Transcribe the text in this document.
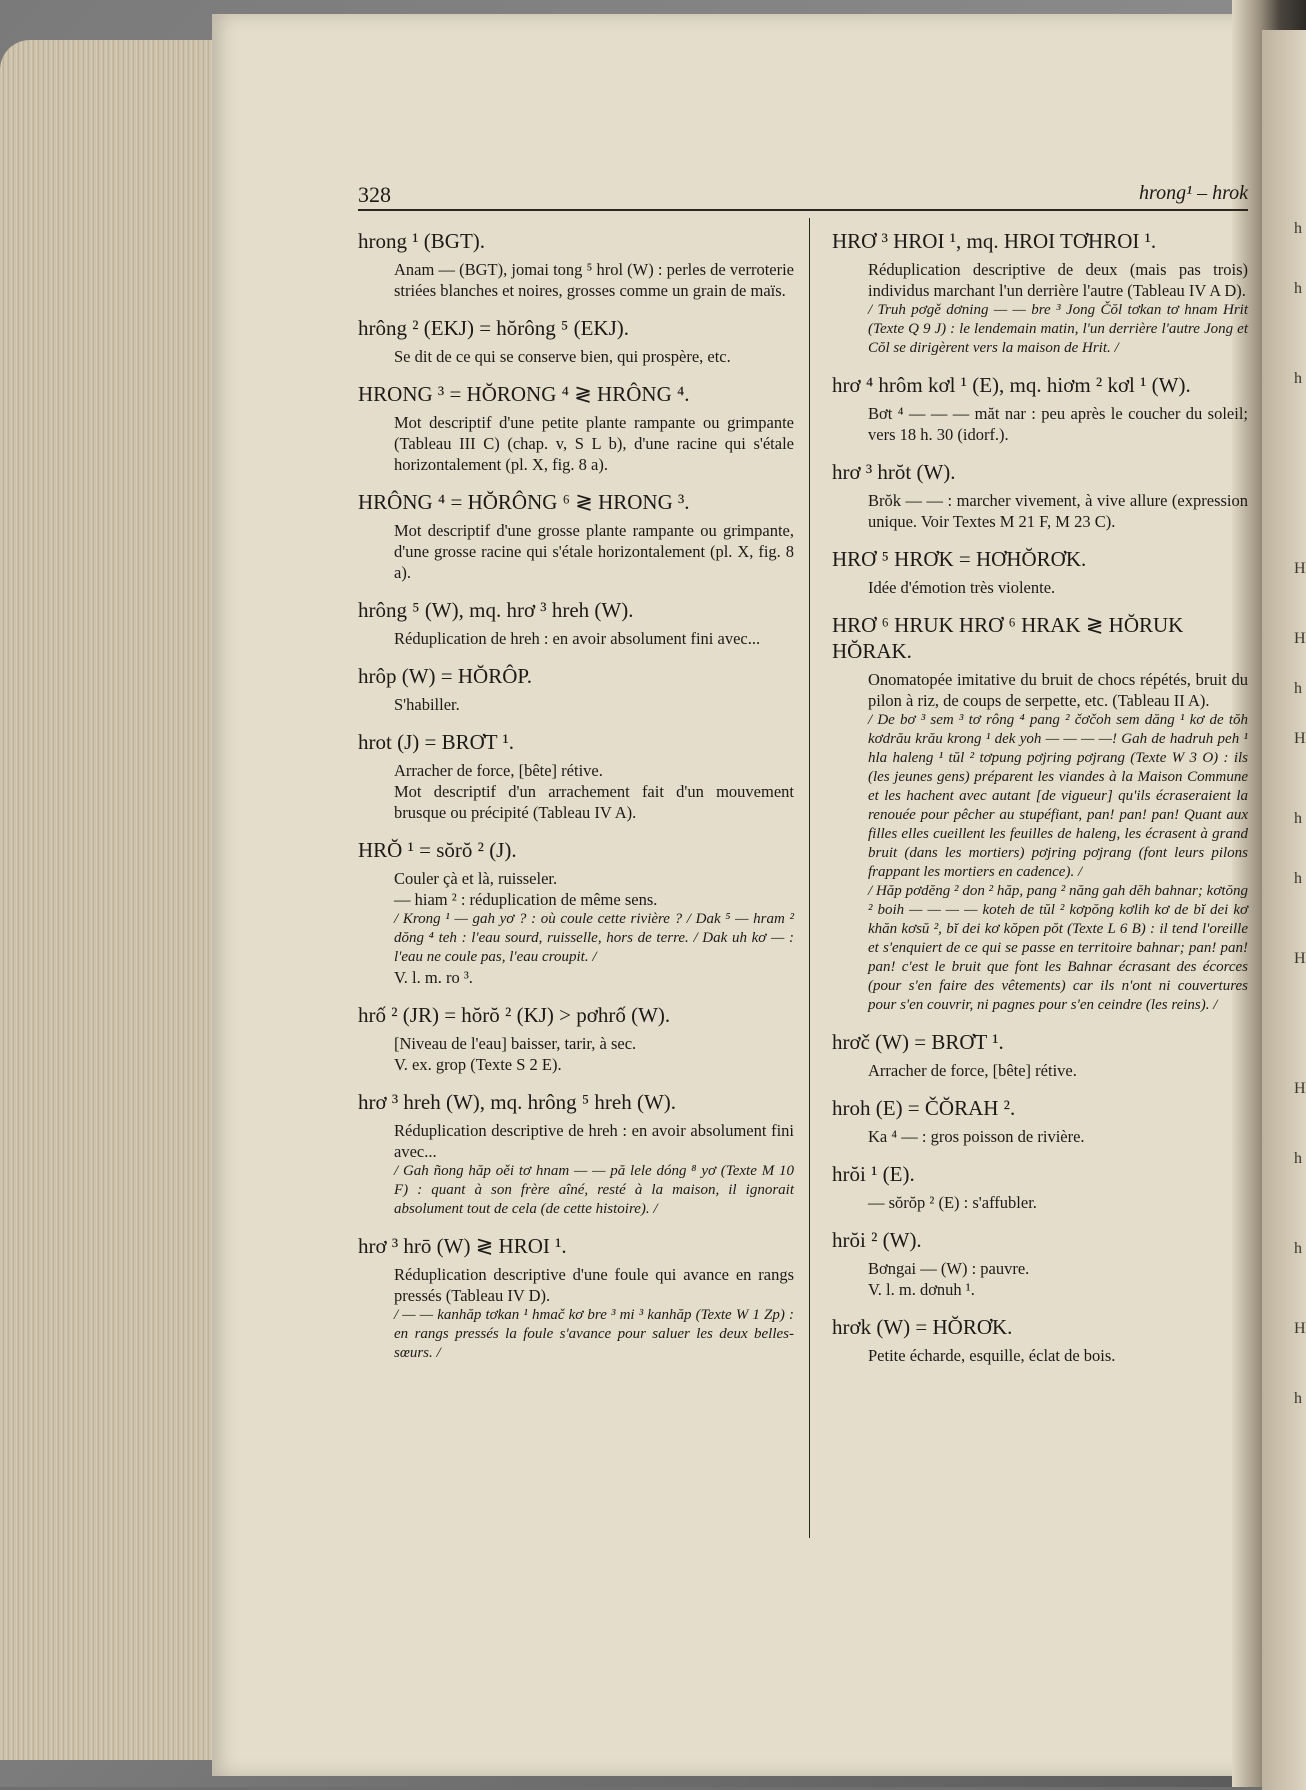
h
h
h
H
H
h
H
h
h
H
H
h
h
H
h
328	hrong¹ – hrok
hrong ¹ (BGT).
Anam — (BGT), jomai tong ⁵ hrol (W) : perles de verroterie striées blanches et noires, grosses comme un grain de maïs.
hrông ² (EKJ) = hŏrông ⁵ (EKJ).
Se dit de ce qui se conserve bien, qui prospère, etc.
HRONG ³ = HŎRONG ⁴ ≷ HRÔNG ⁴.
Mot descriptif d'une petite plante rampante ou grimpante (Tableau III C) (chap. v, S L b), d'une racine qui s'étale horizontalement (pl. X, fig. 8 a).
HRÔNG ⁴ = HŎRÔNG ⁶ ≷ HRONG ³.
Mot descriptif d'une grosse plante rampante ou grimpante, d'une grosse racine qui s'étale horizontalement (pl. X, fig. 8 a).
hrông ⁵ (W), mq. hrơ ³ hreh (W).
Réduplication de hreh : en avoir absolument fini avec...
hrôp (W) = HŎRÔP.
S'habiller.
hrot (J) = BRƠT ¹.
Arracher de force, [bête] rétive.
Mot descriptif d'un arrachement fait d'un mouvement brusque ou précipité (Tableau IV A).
HRŎ ¹ = sŏrŏ ² (J).
Couler çà et là, ruisseler.
— hiam ² : réduplication de même sens.
/ Krong ¹ — gah yơ ? : où coule cette rivière ? / Dak ⁵ — hram ² dŏng ⁴ teh : l'eau sourd, ruisselle, hors de terre. / Dak uh kơ — : l'eau ne coule pas, l'eau croupit. /
V. l. m. ro ³.
hrố ² (JR) = hŏrŏ ² (KJ) > pơhrố (W).
[Niveau de l'eau] baisser, tarir, à sec.
V. ex. grop (Texte S 2 E).
hrơ ³ hreh (W), mq. hrông ⁵ hreh (W).
Réduplication descriptive de hreh : en avoir absolument fini avec...
/ Gah ñong hăp oěi tơ hnam — — pă lele dóng ⁸ yơ (Texte M 10 F) : quant à son frère aîné, resté à la maison, il ignorait absolument tout de cela (de cette histoire). /
hrơ ³ hrō (W) ≷ HROI ¹.
Réduplication descriptive d'une foule qui avance en rangs pressés (Tableau IV D).
/ — — kanhăp tơkan ¹ hmač kơ bre ³ mi ³ kanhăp (Texte W 1 Zp) : en rangs pressés la foule s'avance pour saluer les deux belles-sœurs. /
HRƠ ³ HROI ¹, mq. HROI TƠHROI ¹.
Réduplication descriptive de deux (mais pas trois) individus marchant l'un derrière l'autre (Tableau IV A D).
/ Truh pơgě dơning — — bre ³ Jong Čŏl tơkan tơ hnam Hrit (Texte Q 9 J) : le lendemain matin, l'un derrière l'autre Jong et Cŏl se dirigèrent vers la maison de Hrit. /
hrơ ⁴ hrôm kơl ¹ (E), mq. hiơm ² kơl ¹ (W).
Bơt ⁴ — — — măt nar : peu après le coucher du soleil; vers 18 h. 30 (idorf.).
hrơ ³ hrŏt (W).
Brŏk — — : marcher vivement, à vive allure (expression unique. Voir Textes M 21 F, M 23 C).
HRƠ ⁵ HRƠK = HƠHŎRƠK.
Idée d'émotion très violente.
HRƠ ⁶ HRUK HRƠ ⁶ HRAK ≷ HŎRUK HŎRAK.
Onomatopée imitative du bruit de chocs répétés, bruit du pilon à riz, de coups de serpette, etc. (Tableau II A).
/ De bơ ³ sem ³ tơ rông ⁴ pang ² čơčoh sem dăng ¹ kơ de tŏh kơdrău krău krong ¹ dek yoh — — — —! Gah de hadruh peh ¹ hla haleng ¹ tŭl ² tơpung pơjring pơjrang (Texte W 3 O) : ils (les jeunes gens) préparent les viandes à la Maison Commune et les hachent avec autant [de vigueur] qu'ils écraseraient la renouée pour pêcher au stupéfiant, pan! pan! pan! Quant aux filles elles cueillent les feuilles de haleng, les écrasent à grand bruit (dans les mortiers) pơjring pơjrang (font leurs pilons frappant les mortiers en cadence). /
/ Hăp pơdĕng ² don ² hăp, pang ² năng gah dĕh bahnar; kơtŏng ² boih — — — — koteh de tŭl ² kơpŏng kơlih kơ de bĭ dei kơ khăn kơsŭ ², bĭ dei kơ kŏpen pŏt (Texte L 6 B) : il tend l'oreille et s'enquiert de ce qui se passe en territoire bahnar; pan! pan! pan! c'est le bruit que font les Bahnar écrasant des écorces (pour s'en faire des vêtements) car ils n'ont ni couvertures pour s'en couvrir, ni pagnes pour s'en ceindre (les reins). /
hrơč (W) = BRƠT ¹.
Arracher de force, [bête] rétive.
hroh (E) = ČŎRAH ².
Ka ⁴ — : gros poisson de rivière.
hrŏi ¹ (E).
— sŏrŏp ² (E) : s'affubler.
hrŏi ² (W).
Bơngai — (W) : pauvre.
V. l. m. dơnuh ¹.
hrơk (W) = HŎRƠK.
Petite écharde, esquille, éclat de bois.
